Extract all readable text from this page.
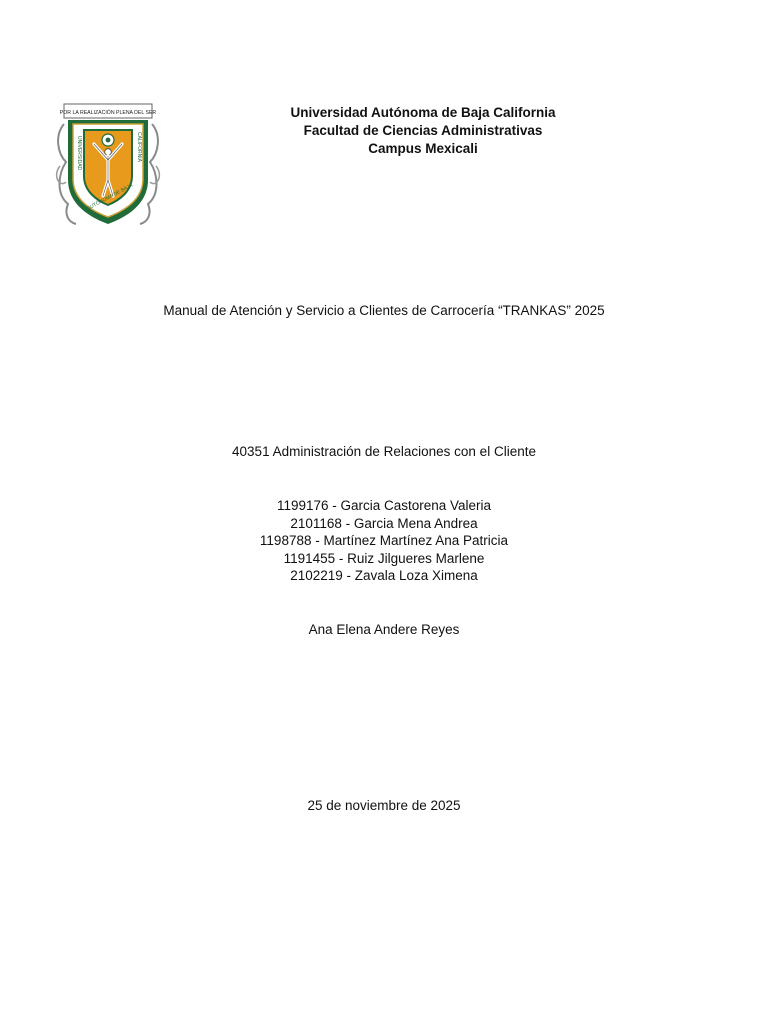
POR LA REALIZACIÓN PLENA DEL SER
UNIVERSIDAD	CALIFORNIA
AUTÓNOMA DE BAJA
Universidad Autónoma de Baja California
Facultad de Ciencias Administrativas
Campus Mexicali
Manual de Atención y Servicio a Clientes de Carrocería “TRANKAS” 2025
40351 Administración de Relaciones con el Cliente
1199176 - Garcia Castorena Valeria
2101168 - Garcia Mena Andrea
1198788 - Martínez Martínez Ana Patricia
1191455 - Ruiz Jilgueres Marlene
2102219 - Zavala Loza Ximena
Ana Elena Andere Reyes
25 de noviembre de 2025
